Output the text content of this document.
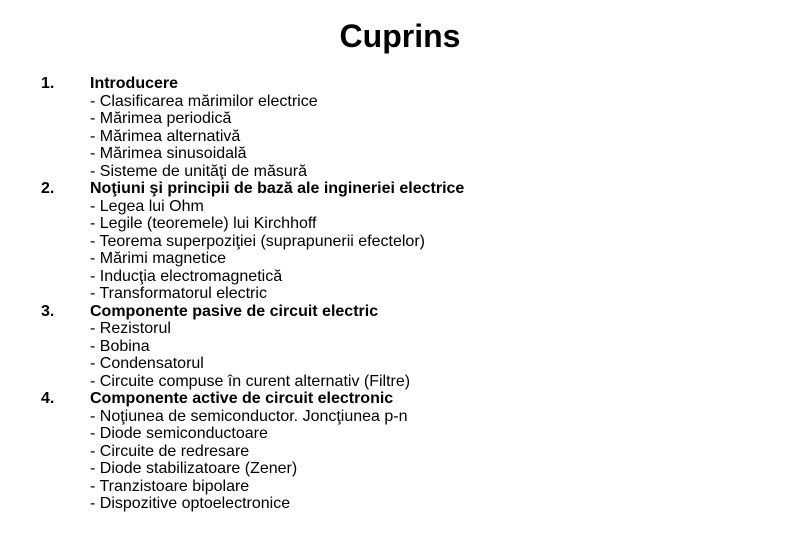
Cuprins
1. Introducere
- Clasificarea mărimilor electrice
- Mărimea periodică
- Mărimea alternativă
- Mărimea sinusoidală
- Sisteme de unităţi de măsură
2. Noţiuni şi principii de bază ale ingineriei electrice
- Legea lui Ohm
- Legile (teoremele) lui Kirchhoff
- Teorema superpoziţiei (suprapunerii efectelor)
- Mărimi magnetice
- Inducţia electromagnetică
- Transformatorul electric
3. Componente pasive de circuit electric
- Rezistorul
- Bobina
- Condensatorul
- Circuite compuse în curent alternativ (Filtre)
4. Componente active de circuit electronic
- Noţiunea de semiconductor. Joncţiunea p-n
- Diode semiconductoare
- Circuite de redresare
- Diode stabilizatoare (Zener)
- Tranzistoare bipolare
- Dispozitive optoelectronice
